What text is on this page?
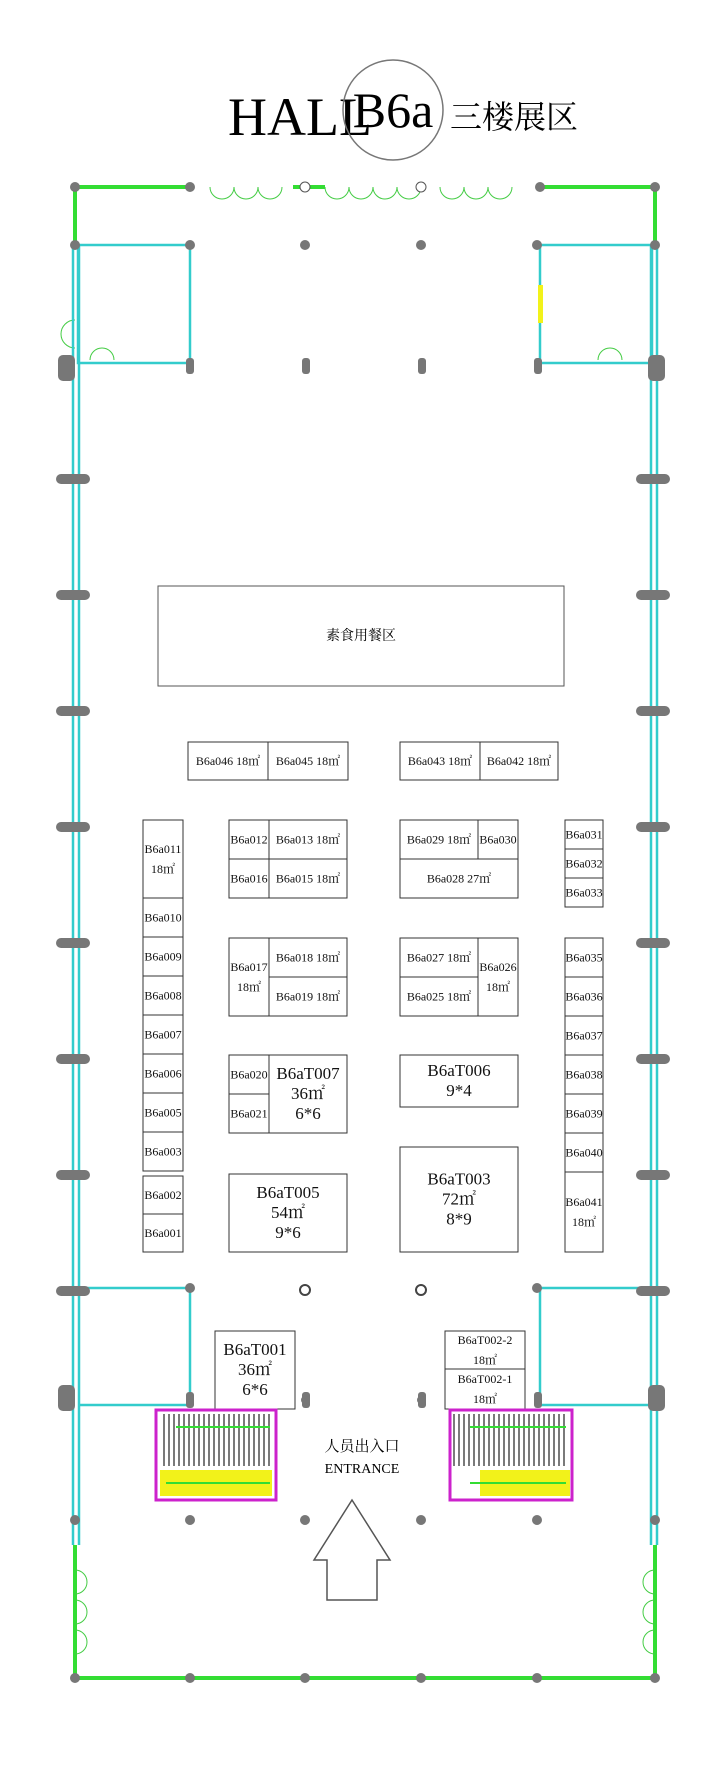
HALL
B6a 三楼展区
素食用餐区
B6a046 18㎡ B6a045 18㎡	B6a043 18㎡ B6a042 18㎡
B6a011
18㎡
B6a010
B6a009
B6a008
B6a007
B6a006
B6a005
B6a003
B6a002
B6a001
B6a012 B6a013 18㎡
B6a016 B6a015 18㎡
B6a017
18㎡
B6a018 18㎡
B6a019 18㎡
B6a020
B6a021
B6aT007
36㎡
6*6
B6aT005
54㎡
9*6
B6a029 18㎡ B6a030
B6a028 27㎡
B6a027 18㎡
B6a025 18㎡
B6a026
18㎡
B6aT006
9*4
B6aT003
72㎡
8*9
B6a031
B6a032
B6a033
B6a035
B6a036
B6a037
B6a038
B6a039
B6a040
B6a041
18㎡
B6aT001
36㎡
6*6
B6aT002-2
18㎡
B6aT002-1
18㎡
人员出入口
ENTRANCE
